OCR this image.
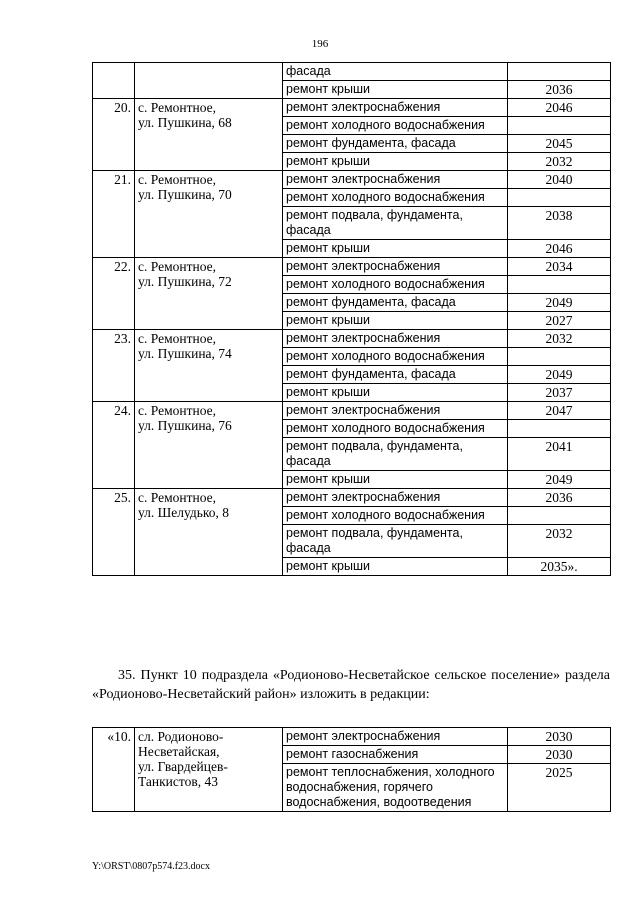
196
		фасада	
		ремонт крыши	2036
20.	с. Ремонтное,
ул. Пушкина, 68	ремонт электроснабжения	2046
		ремонт холодного водоснабжения	
		ремонт фундамента, фасада	2045
		ремонт крыши	2032
21.	с. Ремонтное,
ул. Пушкина, 70	ремонт электроснабжения	2040
		ремонт холодного водоснабжения	
		ремонт подвала, фундамента, фасада	2038
		ремонт крыши	2046
22.	с. Ремонтное,
ул. Пушкина, 72	ремонт электроснабжения	2034
		ремонт холодного водоснабжения	
		ремонт фундамента, фасада	2049
		ремонт крыши	2027
23.	с. Ремонтное,
ул. Пушкина, 74	ремонт электроснабжения	2032
		ремонт холодного водоснабжения	
		ремонт фундамента, фасада	2049
		ремонт крыши	2037
24.	с. Ремонтное,
ул. Пушкина, 76	ремонт электроснабжения	2047
		ремонт холодного водоснабжения	
		ремонт подвала, фундамента, фасада	2041
		ремонт крыши	2049
25.	с. Ремонтное,
ул. Шелудько, 8	ремонт электроснабжения	2036
		ремонт холодного водоснабжения	
		ремонт подвала, фундамента, фасада	2032
		ремонт крыши	2035».
35. Пункт 10 подраздела «Родионово-Несветайское сельское поселение» раздела «Родионово-Несветайский район» изложить в редакции:
«10.	сл. Родионово-
Несветайская,
ул. Гвардейцев-
Танкистов, 43	ремонт электроснабжения	2030
		ремонт газоснабжения	2030
		ремонт теплоснабжения, холодного водоснабжения, горячего водоснабжения, водоотведения	2025
Y:\ORST\0807p574.f23.docx
